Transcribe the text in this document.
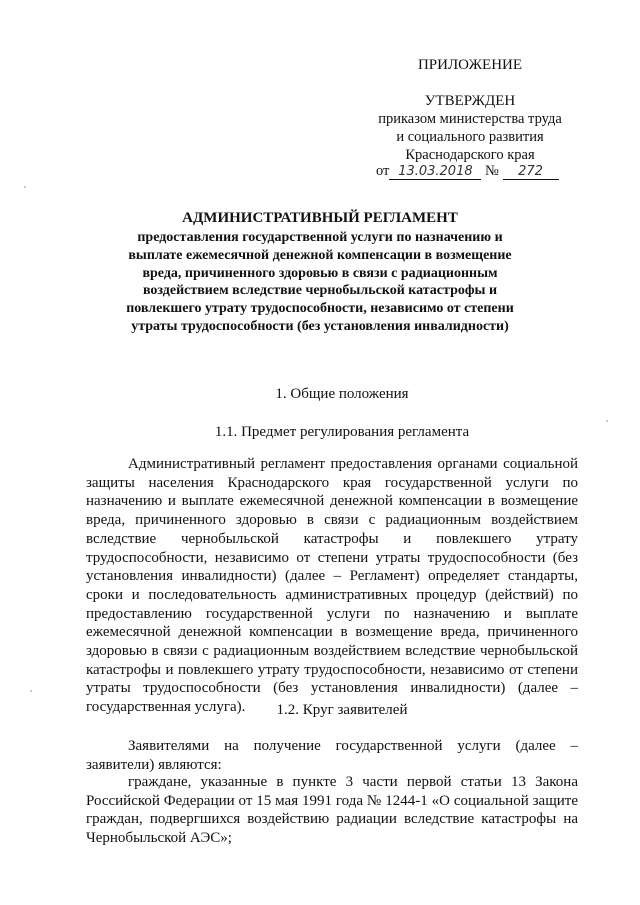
ПРИЛОЖЕНИЕ
УТВЕРЖДЕН
приказом министерства труда
и социального развития
Краснодарского края
от 13.03.2018 № 272
АДМИНИСТРАТИВНЫЙ РЕГЛАМЕНТ
предоставления государственной услуги по назначению и выплате ежемесячной денежной компенсации в возмещение вреда, причиненного здоровью в связи с радиационным воздействием вследствие чернобыльской катастрофы и повлекшего утрату трудоспособности, независимо от степени утраты трудоспособности (без установления инвалидности)
1. Общие положения
1.1. Предмет регулирования регламента
Административный регламент предоставления органами социальной защиты населения Краснодарского края государственной услуги по назначению и выплате ежемесячной денежной компенсации в возмещение вреда, причиненного здоровью в связи с радиационным воздействием вследствие чернобыльской катастрофы и повлекшего утрату трудоспособности, независимо от степени утраты трудоспособности (без установления инвалидности) (далее – Регламент) определяет стандарты, сроки и последовательность административных процедур (действий) по предоставлению государственной услуги по назначению и выплате ежемесячной денежной компенсации в возмещение вреда, причиненного здоровью в связи с радиационным воздействием вследствие чернобыльской катастрофы и повлекшего утрату трудоспособности, независимо от степени утраты трудоспособности (без установления инвалидности) (далее – государственная услуга).	1.2. Круг заявителей
Заявителями на получение государственной услуги (далее – заявители) являются:
граждане, указанные в пункте 3 части первой статьи 13 Закона Российской Федерации от 15 мая 1991 года № 1244-1 «О социальной защите граждан, подвергшихся воздействию радиации вследствие катастрофы на Чернобыльской АЭС»;
